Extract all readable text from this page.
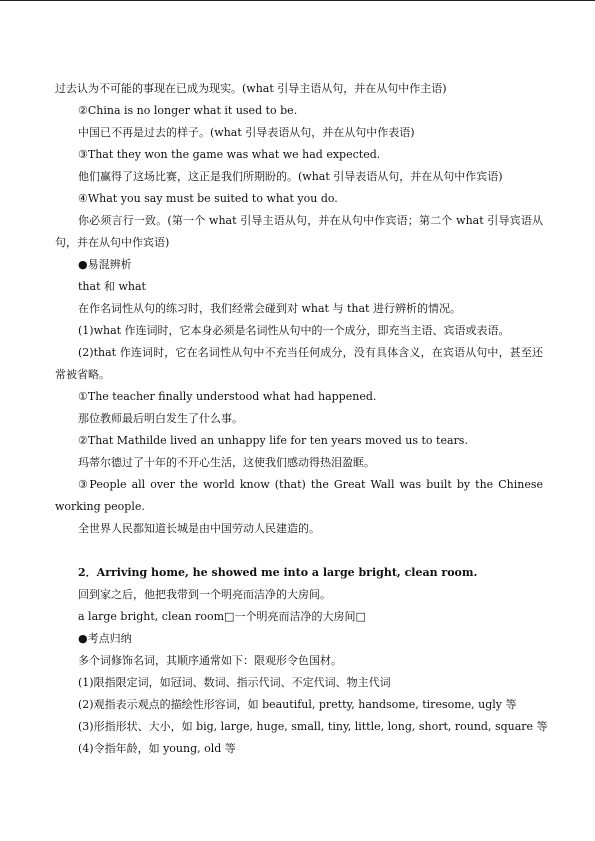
过去认为不可能的事现在已成为现实。(what 引导主语从句，并在从句中作主语)
②China is no longer what it used to be.
中国已不再是过去的样子。(what 引导表语从句，并在从句中作表语)
③That they won the game was what we had expected.
他们赢得了这场比赛，这正是我们所期盼的。(what 引导表语从句，并在从句中作宾语)
④What you say must be suited to what you do.
你必须言行一致。(第一个 what 引导主语从句，并在从句中作宾语；第二个 what 引导宾语从句，并在从句中作宾语)
●易混辨析
that 和 what
在作名词性从句的练习时，我们经常会碰到对 what 与 that 进行辨析的情况。
(1)what 作连词时，它本身必须是名词性从句中的一个成分，即充当主语、宾语或表语。
(2)that 作连词时，它在名词性从句中不充当任何成分，没有具体含义，在宾语从句中，甚至还常被省略。
①The teacher finally understood what had happened.
那位教师最后明白发生了什么事。
②That Mathilde lived an unhappy life for ten years moved us to tears.
玛蒂尔德过了十年的不开心生活，这使我们感动得热泪盈眶。
③People all over the world know (that) the Great Wall was built by the Chinese working people.
全世界人民都知道长城是由中国劳动人民建造的。
2．Arriving home, he showed me into a large bright, clean room.
回到家之后，他把我带到一个明亮而洁净的大房间。
a large bright, clean room□一个明亮而洁净的大房间□
●考点归纳
多个词修饰名词，其顺序通常如下：限观形令色国材。
(1)限指限定词，如冠词、数词、指示代词、不定代词、物主代词
(2)观指表示观点的描绘性形容词，如 beautiful, pretty, handsome, tiresome, ugly 等
(3)形指形状、大小，如 big, large, huge, small, tiny, little, long, short, round, square 等
(4)令指年龄，如 young, old 等
